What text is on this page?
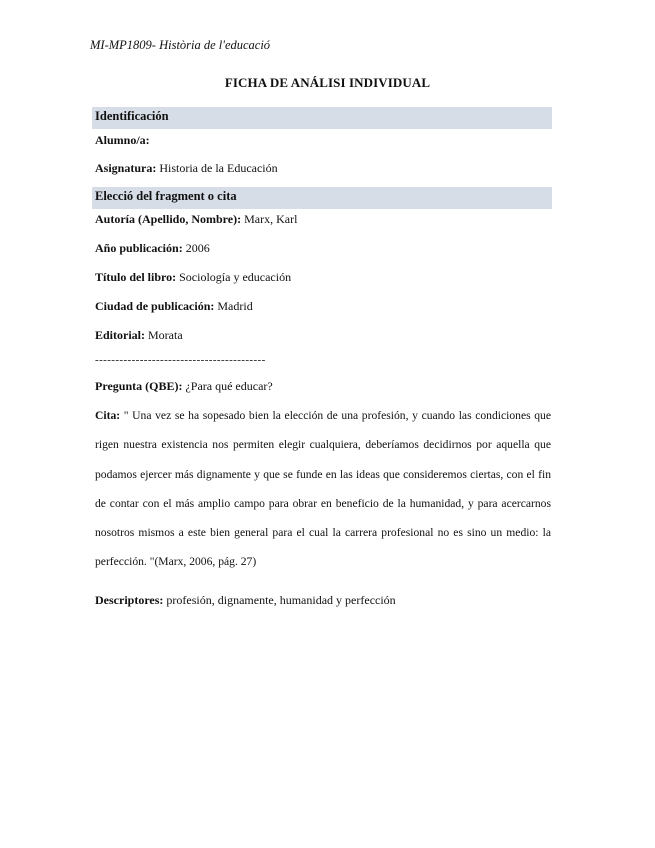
MI-MP1809- Història de l'educació
FICHA DE ANÁLISI INDIVIDUAL
Identificación
Alumno/a:
Asignatura: Historia de la Educación
Elecció del fragment o cita
Autoría (Apellido, Nombre): Marx, Karl
Año publicación: 2006
Título del libro: Sociología y educación
Ciudad de publicación: Madrid
Editorial: Morata
------------------------------------------
Pregunta (QBE): ¿Para qué educar?
Cita: " Una vez se ha sopesado bien la elección de una profesión, y cuando las condiciones que rigen nuestra existencia nos permiten elegir cualquiera, deberíamos decidirnos por aquella que podamos ejercer más dignamente y que se funde en las ideas que consideremos ciertas, con el fin de contar con el más amplio campo para obrar en beneficio de la humanidad, y para acercarnos nosotros mismos a este bien general para el cual la carrera profesional no es sino un medio: la perfección. "(Marx, 2006, pág. 27)
Descriptores: profesión, dignamente, humanidad y perfección
